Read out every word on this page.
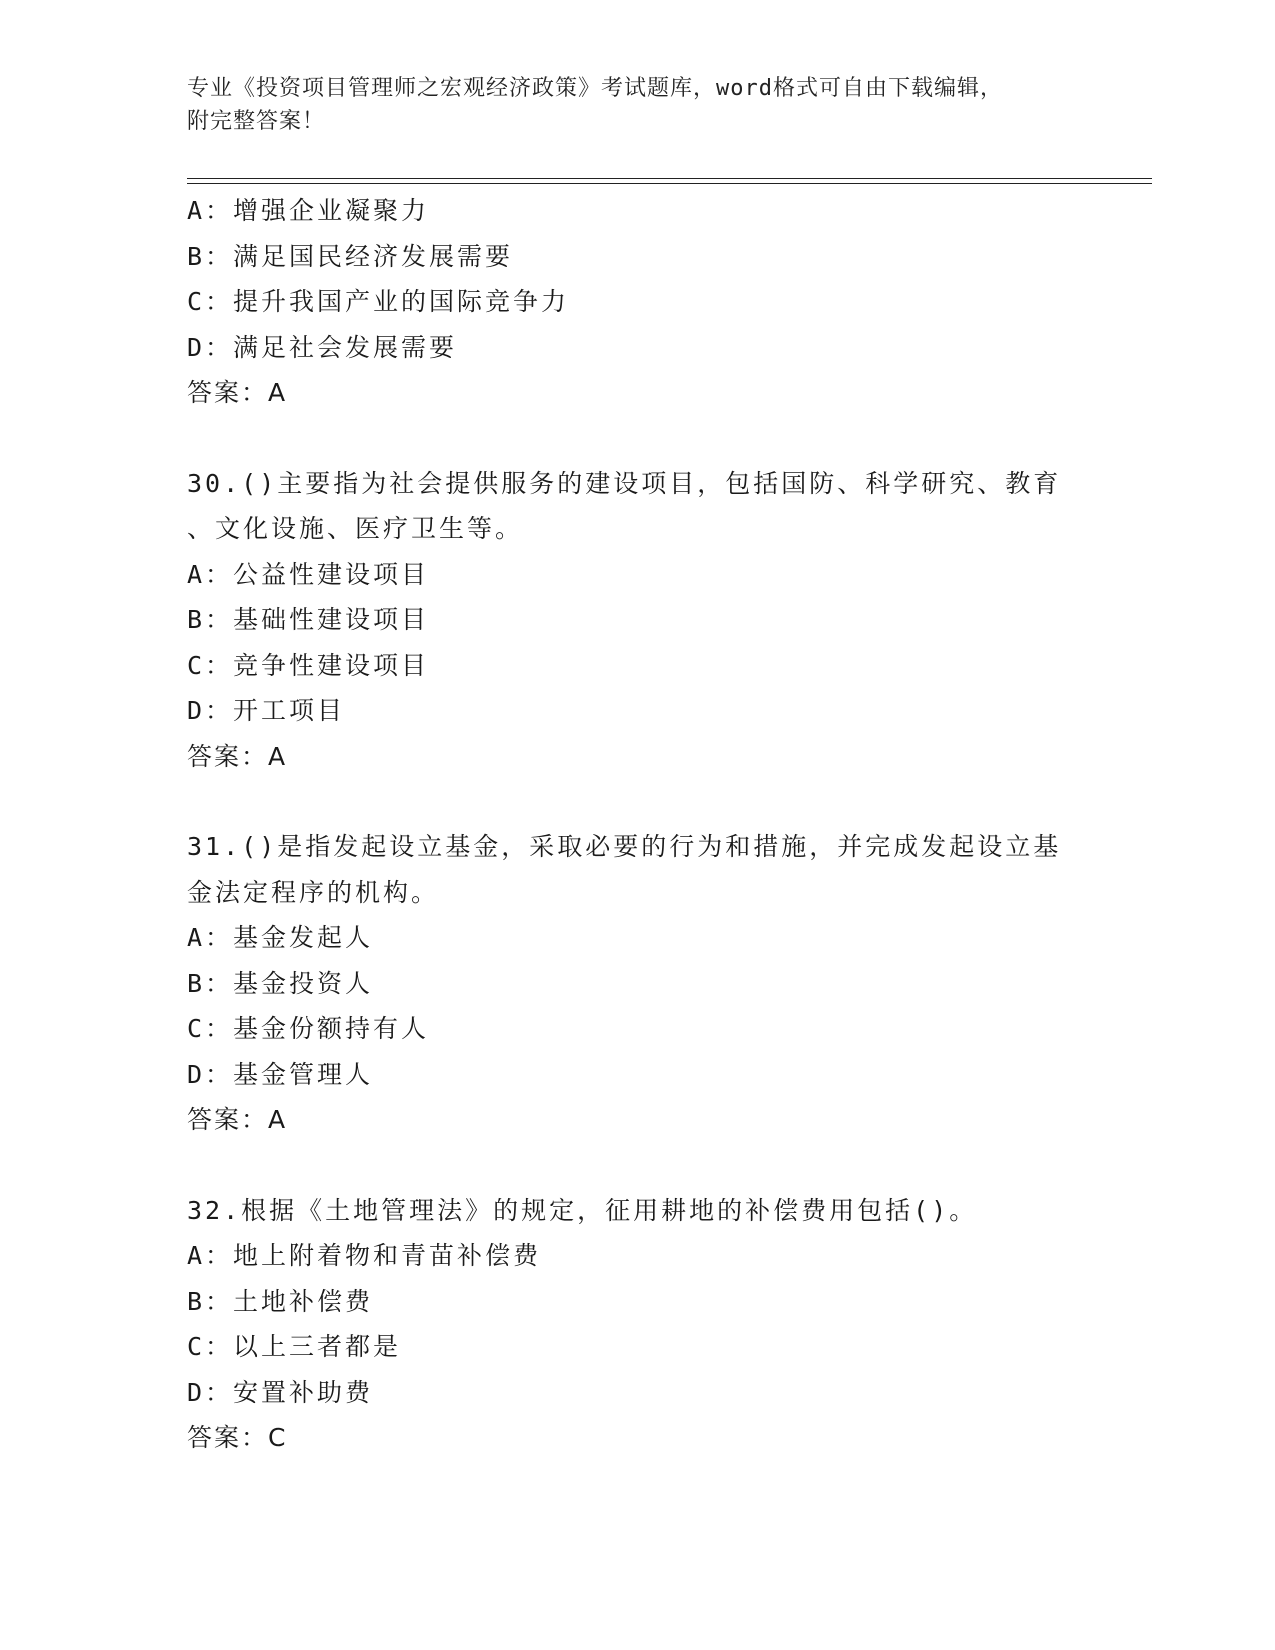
专业《投资项目管理师之宏观经济政策》考试题库，word格式可自由下载编辑，
附完整答案！
A：增强企业凝聚力
B：满足国民经济发展需要
C：提升我国产业的国际竞争力
D：满足社会发展需要
答案：A
30.()主要指为社会提供服务的建设项目，包括国防、科学研究、教育
、文化设施、医疗卫生等。
A：公益性建设项目
B：基础性建设项目
C：竞争性建设项目
D：开工项目
答案：A
31.()是指发起设立基金，采取必要的行为和措施，并完成发起设立基
金法定程序的机构。
A：基金发起人
B：基金投资人
C：基金份额持有人
D：基金管理人
答案：A
32.根据《土地管理法》的规定，征用耕地的补偿费用包括()。
A：地上附着物和青苗补偿费
B：土地补偿费
C：以上三者都是
D：安置补助费
答案：C
